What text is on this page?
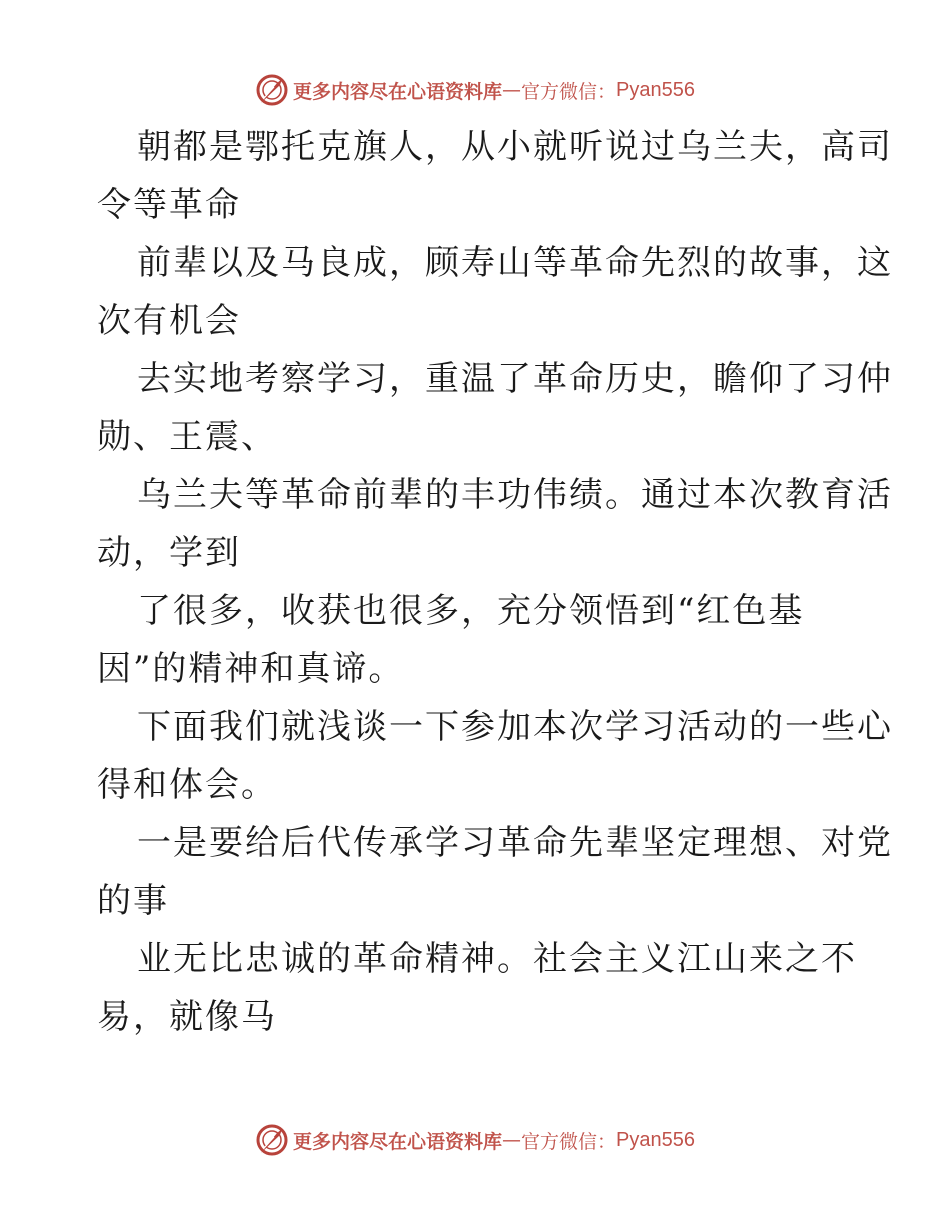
更多内容尽在心语资料库 — 官方微信： Pyan556

朝都是鄂托克旗人，从小就听说过乌兰夫，高司
令等革命

前辈以及马良成，顾寿山等革命先烈的故事，这
次有机会

去实地考察学习，重温了革命历史，瞻仰了习仲
勋、王震、

乌兰夫等革命前辈的丰功伟绩。通过本次教育活
动，学到

了很多，收获也很多，充分领悟到“红色基
因”的精神和真谛。

下面我们就浅谈一下参加本次学习活动的一些心
得和体会。

一是要给后代传承学习革命先辈坚定理想、对党
的事

业无比忠诚的革命精神。社会主义江山来之不
易，就像马

更多内容尽在心语资料库 — 官方微信： Pyan556
